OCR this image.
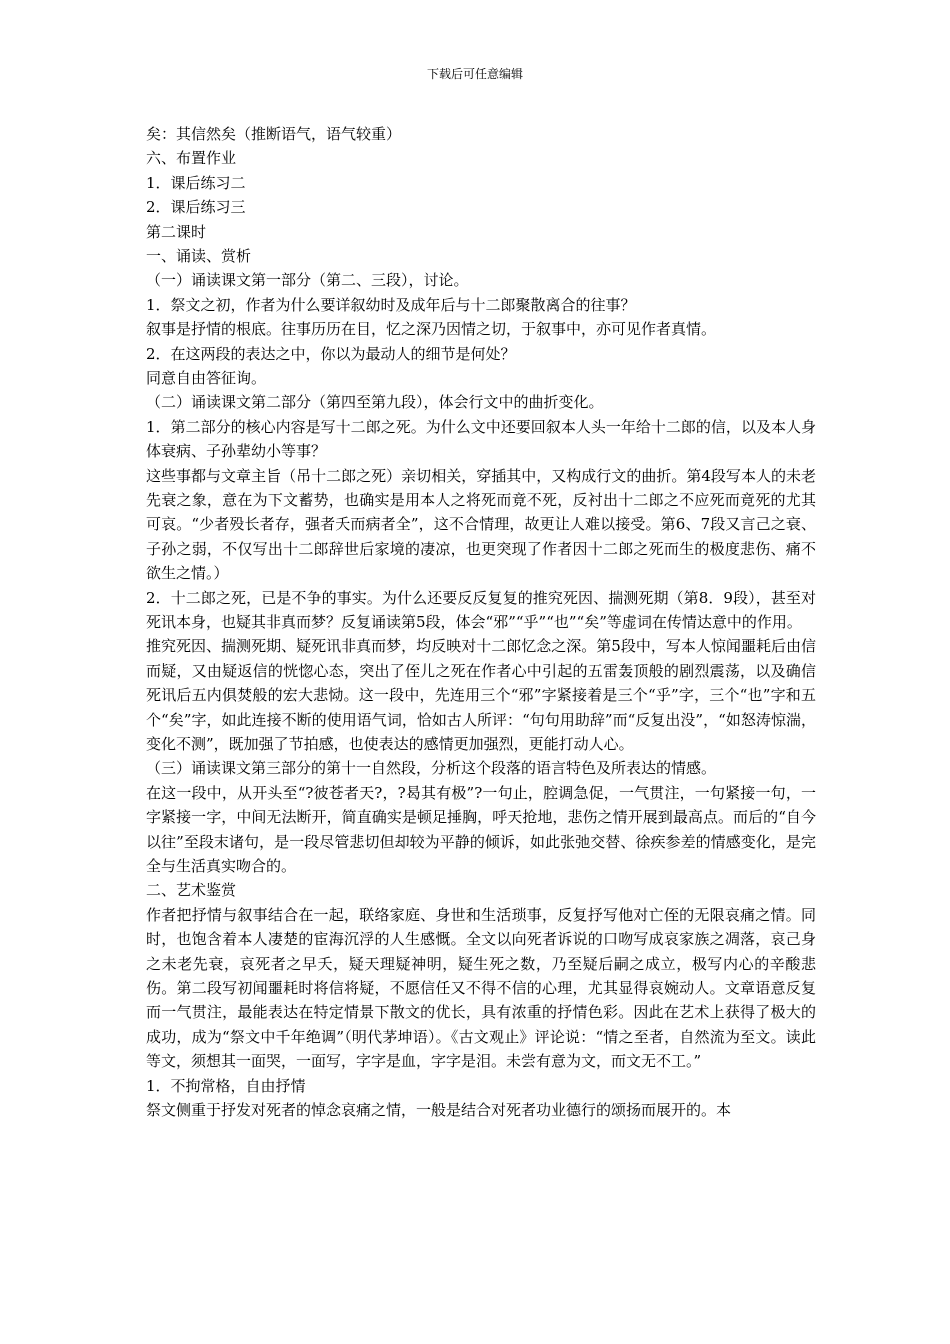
下载后可任意编辑
矣：其信然矣（推断语气，语气较重）
六、布置作业
1．课后练习二
2．课后练习三
第二课时
一、诵读、赏析
（一）诵读课文第一部分（第二、三段），讨论。
1．祭文之初，作者为什么要详叙幼时及成年后与十二郎聚散离合的往事？
叙事是抒情的根底。往事历历在目，忆之深乃因情之切，于叙事中，亦可见作者真情。
2．在这两段的表达之中，你以为最动人的细节是何处？
同意自由答征询。
（二）诵读课文第二部分（第四至第九段），体会行文中的曲折变化。
1．第二部分的核心内容是写十二郎之死。为什么文中还要回叙本人头一年给十二郎的信，以及本人身体衰病、子孙辈幼小等事？
这些事都与文章主旨（吊十二郎之死）亲切相关，穿插其中，又构成行文的曲折。第4段写本人的未老先衰之象，意在为下文蓄势，也确实是用本人之将死而竟不死，反衬出十二郎之不应死而竟死的尤其可哀。“少者殁长者存，强者夭而病者全”，这不合情理，故更让人难以接受。第6、7段又言己之衰、子孙之弱，不仅写出十二郎辞世后家境的凄凉，也更突现了作者因十二郎之死而生的极度悲伤、痛不欲生之情。）
2．十二郎之死，已是不争的事实。为什么还要反反复复的推究死因、揣测死期（第8．9段），甚至对死讯本身，也疑其非真而梦？反复诵读第5段，体会“邪”“乎”“也”“矣”等虚词在传情达意中的作用。
推究死因、揣测死期、疑死讯非真而梦，均反映对十二郎忆念之深。第5段中，写本人惊闻噩耗后由信而疑，又由疑返信的恍惚心态，突出了侄儿之死在作者心中引起的五雷轰顶般的剧烈震荡，以及确信死讯后五内俱焚般的宏大悲恸。这一段中，先连用三个“邪”字紧接着是三个“乎”字，三个“也”字和五个“矣”字，如此连接不断的使用语气词，恰如古人所评：“句句用助辞”而“反复出没”，“如怒涛惊湍，变化不测”，既加强了节拍感，也使表达的感情更加强烈，更能打动人心。
（三）诵读课文第三部分的第十一自然段，分析这个段落的语言特色及所表达的情感。
在这一段中，从开头至“?彼苍者天?，?曷其有极”?一句止，腔调急促，一气贯注，一句紧接一句，一字紧接一字，中间无法断开，简直确实是顿足捶胸，呼天抢地，悲伤之情开展到最高点。而后的“自今以往”至段末诸句，是一段尽管悲切但却较为平静的倾诉，如此张弛交替、徐疾参差的情感变化，是完全与生活真实吻合的。
二、艺术鉴赏
作者把抒情与叙事结合在一起，联络家庭、身世和生活琐事，反复抒写他对亡侄的无限哀痛之情。同时，也饱含着本人凄楚的宦海沉浮的人生感慨。全文以向死者诉说的口吻写成哀家族之凋落，哀己身之未老先衰，哀死者之早夭，疑天理疑神明，疑生死之数，乃至疑后嗣之成立，极写内心的辛酸悲伤。第二段写初闻噩耗时将信将疑，不愿信任又不得不信的心理，尤其显得哀婉动人。文章语意反复而一气贯注，最能表达在特定情景下散文的优长，具有浓重的抒情色彩。因此在艺术上获得了极大的成功，成为“祭文中千年绝调”（明代茅坤语）。《古文观止》评论说：“情之至者，自然流为至文。读此等文，须想其一面哭，一面写，字字是血，字字是泪。未尝有意为文，而文无不工。”
1．不拘常格，自由抒情
祭文侧重于抒发对死者的悼念哀痛之情，一般是结合对死者功业德行的颂扬而展开的。本
